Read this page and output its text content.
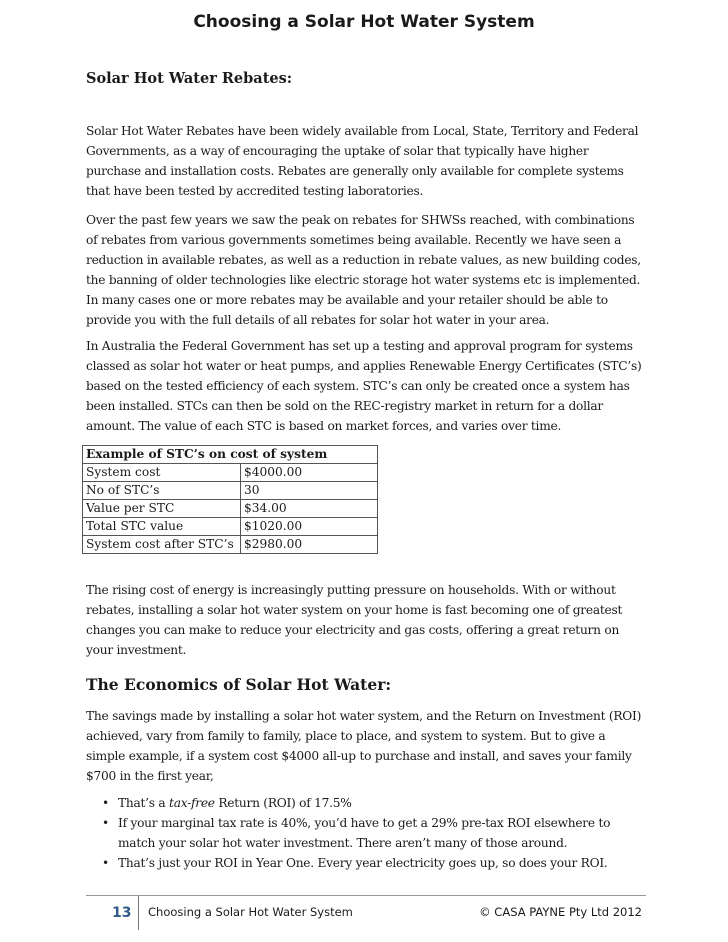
Choosing a Solar Hot Water System
Solar Hot Water Rebates:

Solar Hot Water Rebates have been widely available from Local, State, Territory and Federal Governments, as a way of encouraging the uptake of solar that typically have higher purchase and installation costs. Rebates are generally only available for complete systems that have been tested by accredited testing laboratories.

Over the past few years we saw the peak on rebates for SHWSs reached, with combinations of rebates from various governments sometimes being available. Recently we have seen a reduction in available rebates, as well as a reduction in rebate values, as new building codes, the banning of older technologies like electric storage hot water systems etc is implemented. In many cases one or more rebates may be available and your retailer should be able to provide you with the full details of all rebates for solar hot water in your area.

In Australia the Federal Government has set up a testing and approval program for systems classed as solar hot water or heat pumps, and applies Renewable Energy Certificates (STC’s) based on the tested efficiency of each system. STC’s can only be created once a system has been installed. STCs can then be sold on the REC-registry market in return for a dollar amount. The value of each STC is based on market forces, and varies over time.

Example of STC’s on cost of system	
System cost	$4000.00
No of STC’s	30
Value per STC	$34.00
Total STC value	$1020.00
System cost after STC’s	$2980.00

The rising cost of energy is increasingly putting pressure on households. With or without rebates, installing a solar hot water system on your home is fast becoming one of greatest changes you can make to reduce your electricity and gas costs, offering a great return on your investment.

The Economics of Solar Hot Water:

The savings made by installing a solar hot water system, and the Return on Investment (ROI) achieved, vary from family to family, place to place, and system to system. But to give a simple example, if a system cost $4000 all-up to purchase and install, and saves your family $700 in the first year,

• That’s a tax-free Return (ROI) of 17.5%
• If your marginal tax rate is 40%, you’d have to get a 29% pre-tax ROI elsewhere to match your solar hot water investment. There aren’t many of those around.
• That’s just your ROI in Year One. Every year electricity goes up, so does your ROI.
13 Choosing a Solar Hot Water System	© CASA PAYNE Pty Ltd 2012
